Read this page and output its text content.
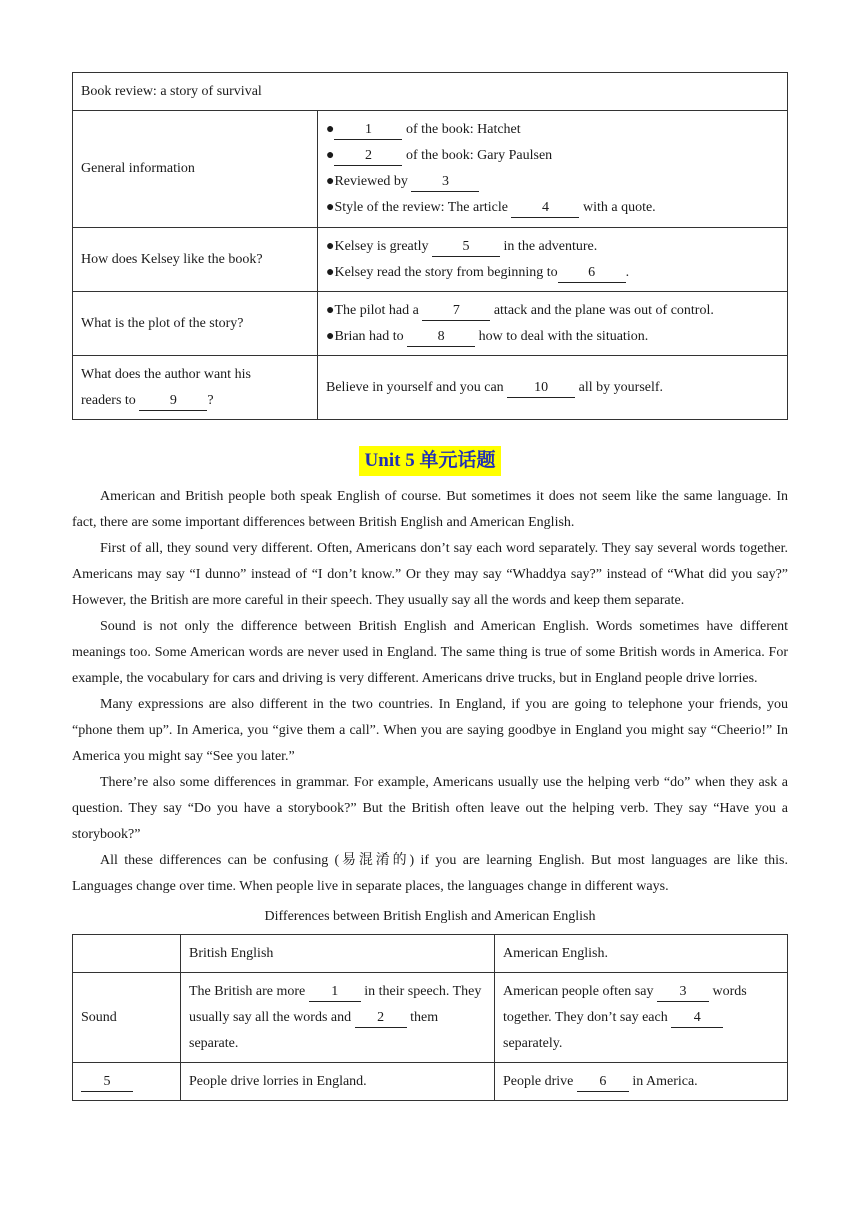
Book review: a story of survival	
General information	● 1 of the book: Hatchet
● 2 of the book: Gary Paulsen
●Reviewed by 3
●Style of the review: The article 4 with a quote.

How does Kelsey like the book?	●Kelsey is greatly 5 in the adventure.
●Kelsey read the story from beginning to 6 .

What is the plot of the story?	●The pilot had a 7 attack and the plane was out of control.
●Brian had to 8 how to deal with the situation.

What does the author want his
readers to 9 ?	Believe in yourself and you can 10 all by yourself.
Unit 5 单元话题

American and British people both speak English of course. But sometimes it does not seem like the same language. In fact, there are some important differences between British English and American English.

First of all, they sound very different. Often, Americans don’t say each word separately. They say several words together. Americans may say “I dunno” instead of “I don’t know.” Or they may say “Whaddya say?” instead of “What did you say?” However, the British are more careful in their speech. They usually say all the words and keep them separate.

Sound is not only the difference between British English and American English. Words sometimes have different meanings too. Some American words are never used in England. The same thing is true of some British words in America. For example, the vocabulary for cars and driving is very different. Americans drive trucks, but in England people drive lorries.

Many expressions are also different in the two countries. In England, if you are going to telephone your friends, you “phone them up”. In America, you “give them a call”. When you are saying goodbye in England you might say “Cheerio!” In America you might say “See you later.”

There’re also some differences in grammar. For example, Americans usually use the helping verb “do” when they ask a question. They say “Do you have a storybook?” But the British often leave out the helping verb. They say “Have you a storybook?”

All these differences can be confusing (易混淆的) if you are learning English. But most languages are like this. Languages change over time. When people live in separate places, the languages change in different ways.

Differences between British English and American English
	British English	American English.
Sound	The British are more 1 in their speech. They usually say all the words and 2 them separate.	American people often say 3 words together. They don’t say each 4 separately.
5	People drive lorries in England.	People drive 6 in America.
